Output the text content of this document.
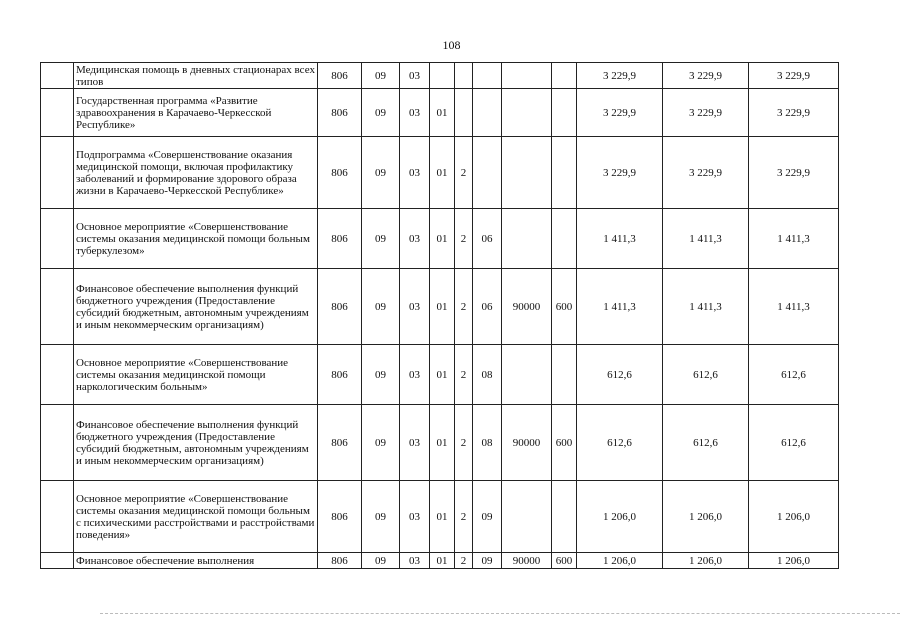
108
	Медицинская помощь в дневных стационарах всех типов	806	09	03						3 229,9	3 229,9	3 229,9
	Государственная программа «Развитие здравоохранения в Карачаево-Черкесской Республике»	806	09	03	01					3 229,9	3 229,9	3 229,9
	Подпрограмма «Совершенствование оказания медицинской помощи, включая профилактику заболеваний и формирование здорового образа жизни в Карачаево-Черкесской Республике»	806	09	03	01	2				3 229,9	3 229,9	3 229,9
	Основное мероприятие «Совершенствование системы оказания медицинской помощи больным туберкулезом»	806	09	03	01	2	06			1 411,3	1 411,3	1 411,3
	Финансовое обеспечение выполнения функций бюджетного учреждения (Предоставление субсидий бюджетным, автономным учреждениям и иным некоммерческим организациям)	806	09	03	01	2	06	90000	600	1 411,3	1 411,3	1 411,3
	Основное мероприятие «Совершенствование системы оказания медицинской помощи наркологическим больным»	806	09	03	01	2	08			612,6	612,6	612,6
	Финансовое обеспечение выполнения функций бюджетного учреждения (Предоставление субсидий бюджетным, автономным учреждениям и иным некоммерческим организациям)	806	09	03	01	2	08	90000	600	612,6	612,6	612,6
	Основное мероприятие «Совершенствование системы оказания медицинской помощи больным с психическими расстройствами и расстройствами поведения»	806	09	03	01	2	09			1 206,0	1 206,0	1 206,0
	Финансовое обеспечение выполнения	806	09	03	01	2	09	90000	600	1 206,0	1 206,0	1 206,0
